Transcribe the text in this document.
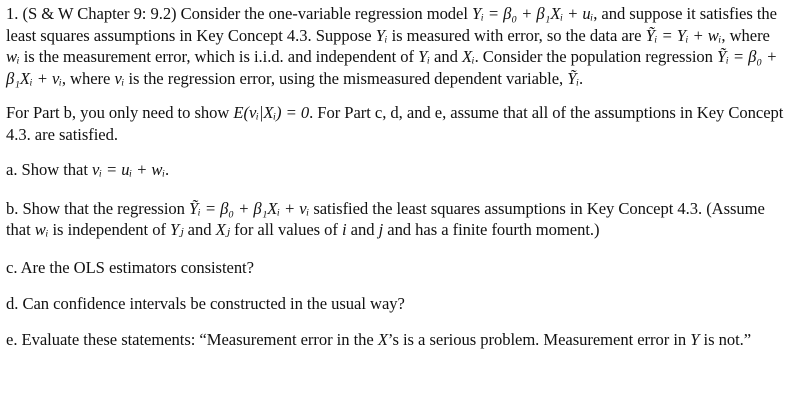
1. (S & W Chapter 9: 9.2) Consider the one-variable regression model Yᵢ = β₀ + β₁Xᵢ + uᵢ, and suppose it satisfies the least squares assumptions in Key Concept 4.3. Suppose Yᵢ is measured with error, so the data are Ỹᵢ = Yᵢ + wᵢ, where wᵢ is the measurement error, which is i.i.d. and independent of Yᵢ and Xᵢ. Consider the population regression Ỹᵢ = β₀ + β₁Xᵢ + vᵢ, where vᵢ is the regression error, using the mismeasured dependent variable, Ỹᵢ.

For Part b, you only need to show E(vᵢ|Xᵢ) = 0. For Part c, d, and e, assume that all of the assumptions in Key Concept 4.3. are satisfied.

a. Show that vᵢ = uᵢ + wᵢ.

b. Show that the regression Ỹᵢ = β₀ + β₁Xᵢ + vᵢ satisfied the least squares assumptions in Key Concept 4.3. (Assume that wᵢ is independent of Yⱼ and Xⱼ for all values of i and j and has a finite fourth moment.)

c. Are the OLS estimators consistent?

d. Can confidence intervals be constructed in the usual way?

e. Evaluate these statements: “Measurement error in the X’s is a serious problem. Measurement error in Y is not.”
